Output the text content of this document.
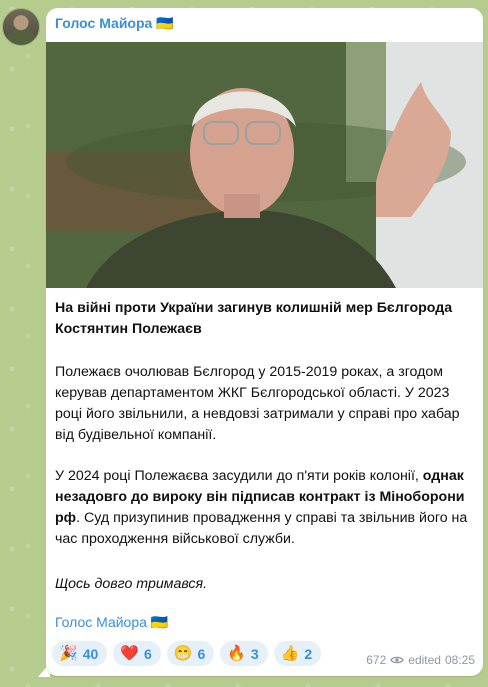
Голос Майора 🇺🇦
На війні проти України загинув колишній мер Бєлгорода Костянтин Полежаєв
Полежаєв очолював Бєлгород у 2015-2019 роках, а згодом керував департаментом ЖКГ Бєлгородської області. У 2023 році його звільнили, а невдовзі затримали у справі про хабар від будівельної компанії.
У 2024 році Полежаєва засудили до п'яти років колонії, однак незадовго до вироку він підписав контракт із Міноборони рф. Суд призупинив провадження у справі та звільнив його на час проходження військової служби.
Щось довго тримався.
Голос Майора 🇺🇦
🎉 40 ❤️ 6 😁 6 🔥 3 👍 2	672 edited 08:25
